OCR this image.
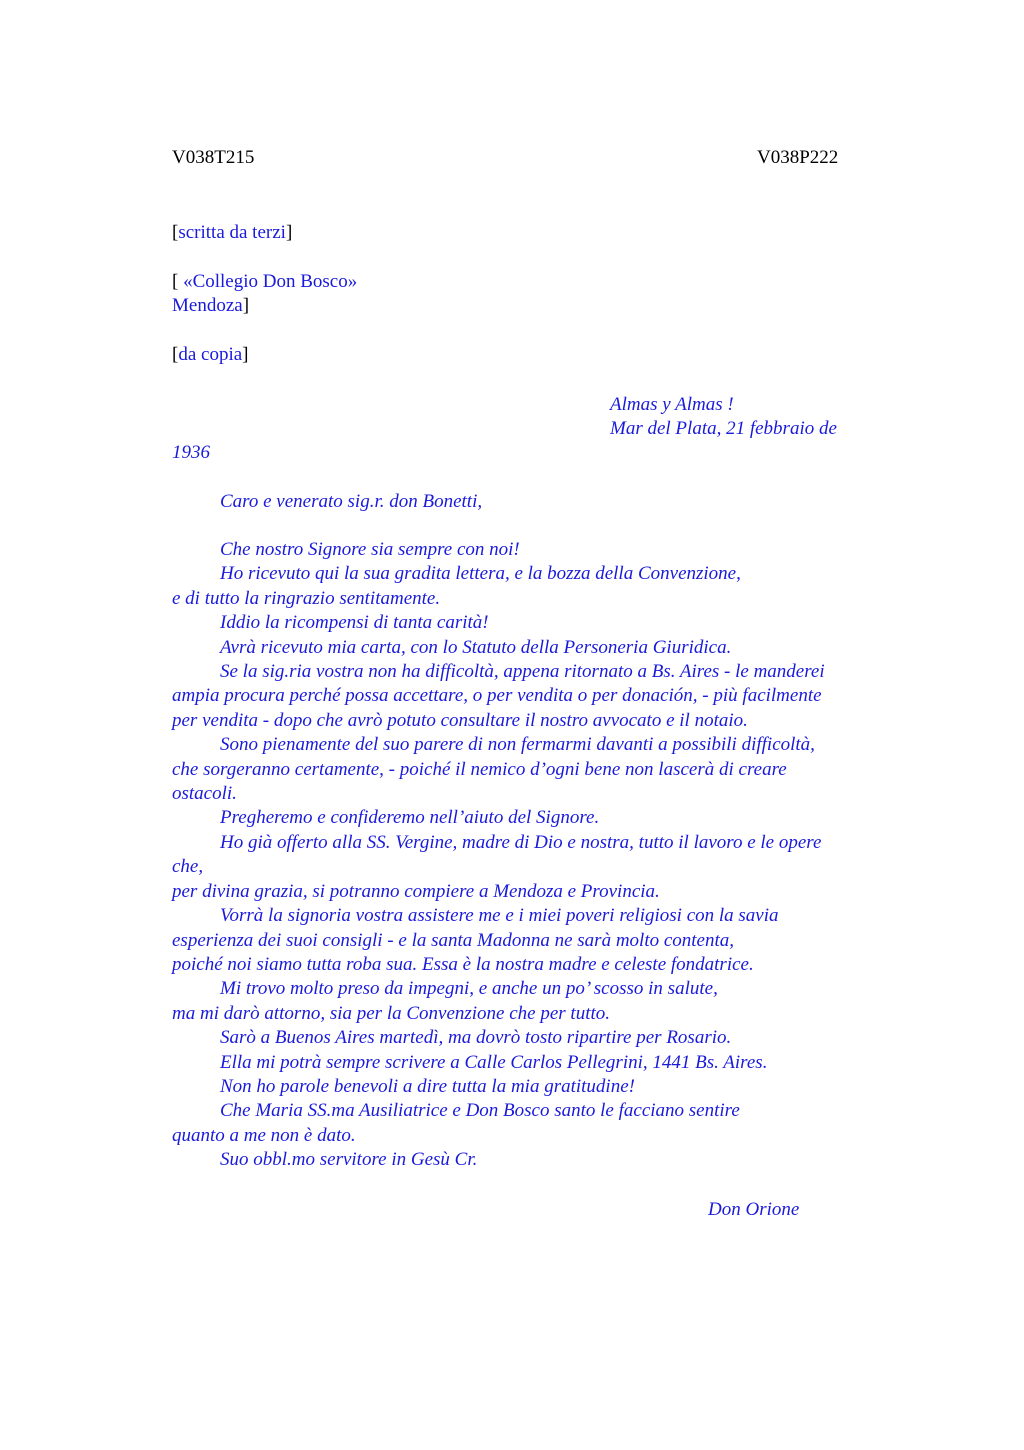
V038T215	V038P222
[scritta da terzi]
[ «Collegio Don Bosco»
Mendoza]
[da copia]
Almas y Almas !
Mar del Plata, 21 febbraio de
1936
Caro e venerato sig.r. don Bonetti,
Che nostro Signore sia sempre con noi!
Ho ricevuto qui la sua gradita lettera, e la bozza della Convenzione,
e di tutto la ringrazio sentitamente.
Iddio la ricompensi di tanta carità!
Avrà ricevuto mia carta, con lo Statuto della Personeria Giuridica.
Se la sig.ria vostra non ha difficoltà, appena ritornato a Bs. Aires - le manderei
ampia procura perché possa accettare, o per vendita o per donación, - più facilmente
per vendita - dopo che avrò potuto consultare il nostro avvocato e il notaio.
Sono pienamente del suo parere di non fermarmi davanti a possibili difficoltà,
che sorgeranno certamente, - poiché il nemico d’ogni bene non lascerà di creare
ostacoli.
Pregheremo e confideremo nell’aiuto del Signore.
Ho già offerto alla SS. Vergine, madre di Dio e nostra, tutto il lavoro e le opere
che,
per divina grazia, si potranno compiere a Mendoza e Provincia.
Vorrà la signoria vostra assistere me e i miei poveri religiosi con la savia
esperienza dei suoi consigli - e la santa Madonna ne sarà molto contenta,
poiché noi siamo tutta roba sua. Essa è la nostra madre e celeste fondatrice.
Mi trovo molto preso da impegni, e anche un po’ scosso in salute,
ma mi darò attorno, sia per la Convenzione che per tutto.
Sarò a Buenos Aires martedì, ma dovrò tosto ripartire per Rosario.
Ella mi potrà sempre scrivere a Calle Carlos Pellegrini, 1441 Bs. Aires.
Non ho parole benevoli a dire tutta la mia gratitudine!
Che Maria SS.ma Ausiliatrice e Don Bosco santo le facciano sentire
quanto a me non è dato.
Suo obbl.mo servitore in Gesù Cr.
Don Orione
